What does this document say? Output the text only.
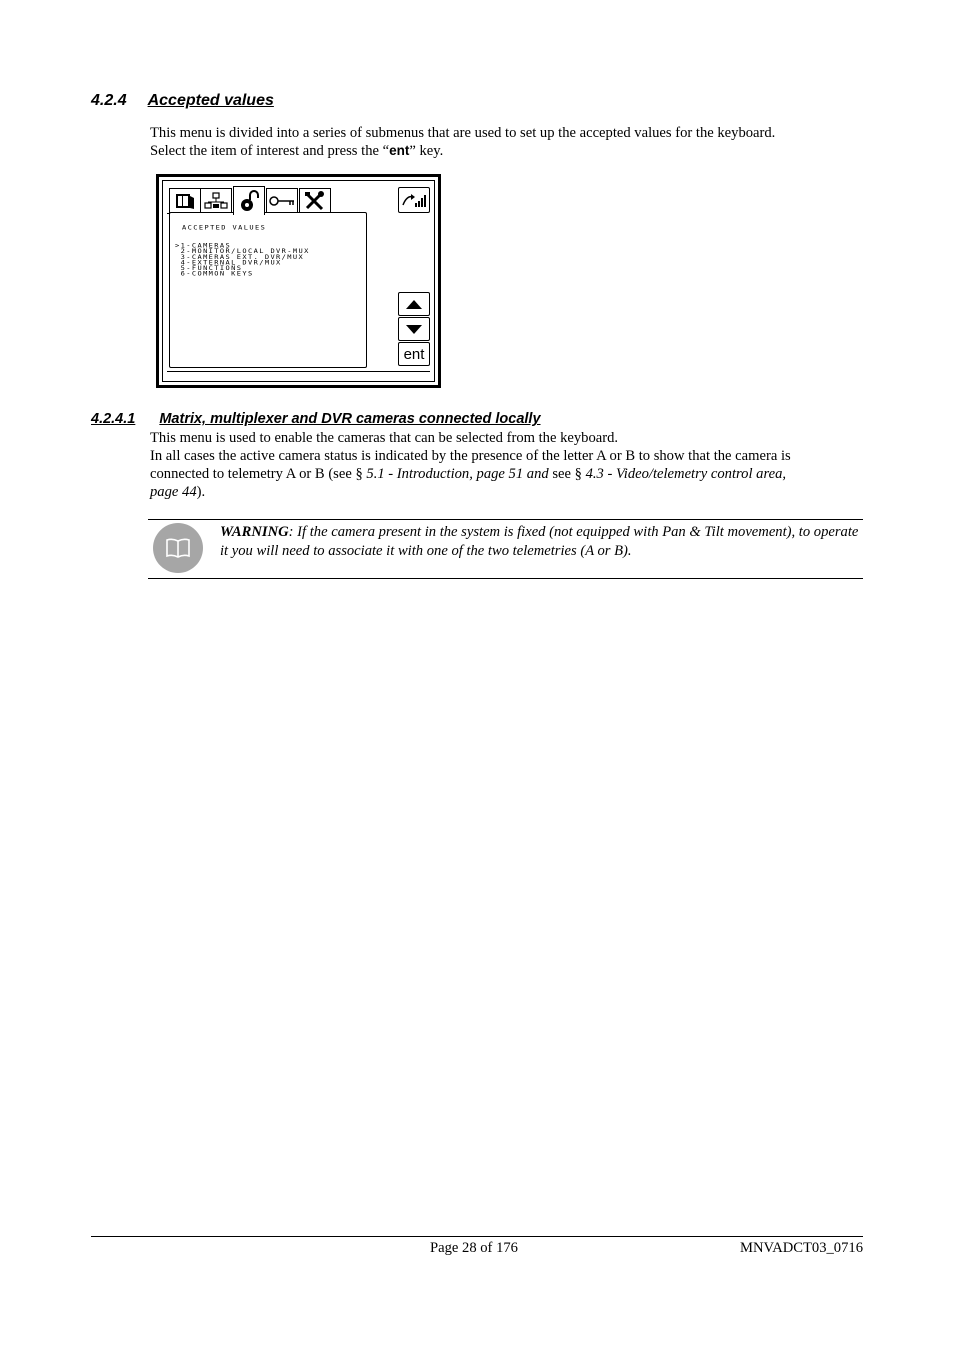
4.2.4 Accepted values

This menu is divided into a series of submenus that are used to set up the accepted values for the keyboard.

Select the item of interest and press the “ent” key.

ACCEPTED VALUES
>1-CAMERAS
2-MONITOR/LOCAL DVR-MUX
3-CAMERAS EXT. DVR/MUX
4-EXTERNAL DVR/MUX
5-FUNCTIONS
6-COMMON KEYS
ent
4.2.4.1 Matrix, multiplexer and DVR cameras connected locally

This menu is used to enable the cameras that can be selected from the keyboard.

In all cases the active camera status is indicated by the presence of the letter A or B to show that the camera is

connected to telemetry A or B (see § 5.1 - Introduction, page 51 and see § 4.3 - Video/telemetry control area,

page 44).

WARNING: If the camera present in the system is fixed (not equipped with Pan & Tilt movement), to operate it you will need to associate it with one of the two telemetries (A or B).
Page 28 of 176	MNVADCT03_0716
